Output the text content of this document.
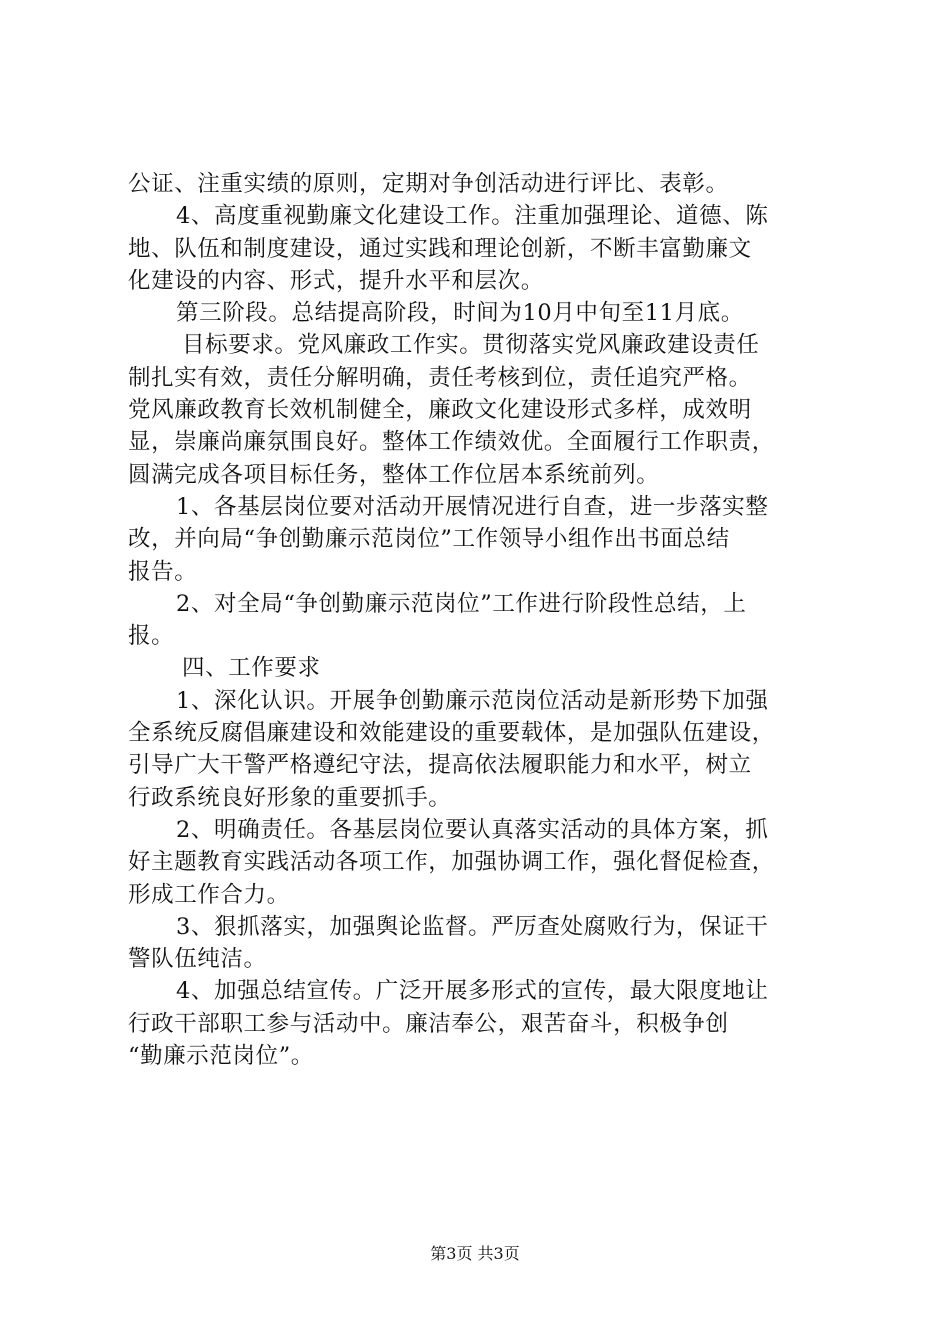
公证、注重实绩的原则，定期对争创活动进行评比、表彰。
4、高度重视勤廉文化建设工作。注重加强理论、道德、陈
地、队伍和制度建设，通过实践和理论创新，不断丰富勤廉文
化建设的内容、形式，提升水平和层次。
第三阶段。总结提高阶段，时间为10月中旬至11月底。
目标要求。党风廉政工作实。贯彻落实党风廉政建设责任
制扎实有效，责任分解明确，责任考核到位，责任追究严格。
党风廉政教育长效机制健全，廉政文化建设形式多样，成效明
显，崇廉尚廉氛围良好。整体工作绩效优。全面履行工作职责，
圆满完成各项目标任务，整体工作位居本系统前列。
1、各基层岗位要对活动开展情况进行自查，进一步落实整
改，并向局“争创勤廉示范岗位”工作领导小组作出书面总结
报告。
2、对全局“争创勤廉示范岗位”工作进行阶段性总结，上
报。
四、工作要求
1、深化认识。开展争创勤廉示范岗位活动是新形势下加强
全系统反腐倡廉建设和效能建设的重要载体，是加强队伍建设，
引导广大干警严格遵纪守法，提高依法履职能力和水平，树立
行政系统良好形象的重要抓手。
2、明确责任。各基层岗位要认真落实活动的具体方案，抓
好主题教育实践活动各项工作，加强协调工作，强化督促检查，
形成工作合力。
3、狠抓落实，加强舆论监督。严厉查处腐败行为，保证干
警队伍纯洁。
4、加强总结宣传。广泛开展多形式的宣传，最大限度地让
行政干部职工参与活动中。廉洁奉公，艰苦奋斗，积极争创
“勤廉示范岗位”。
第3页 共3页
